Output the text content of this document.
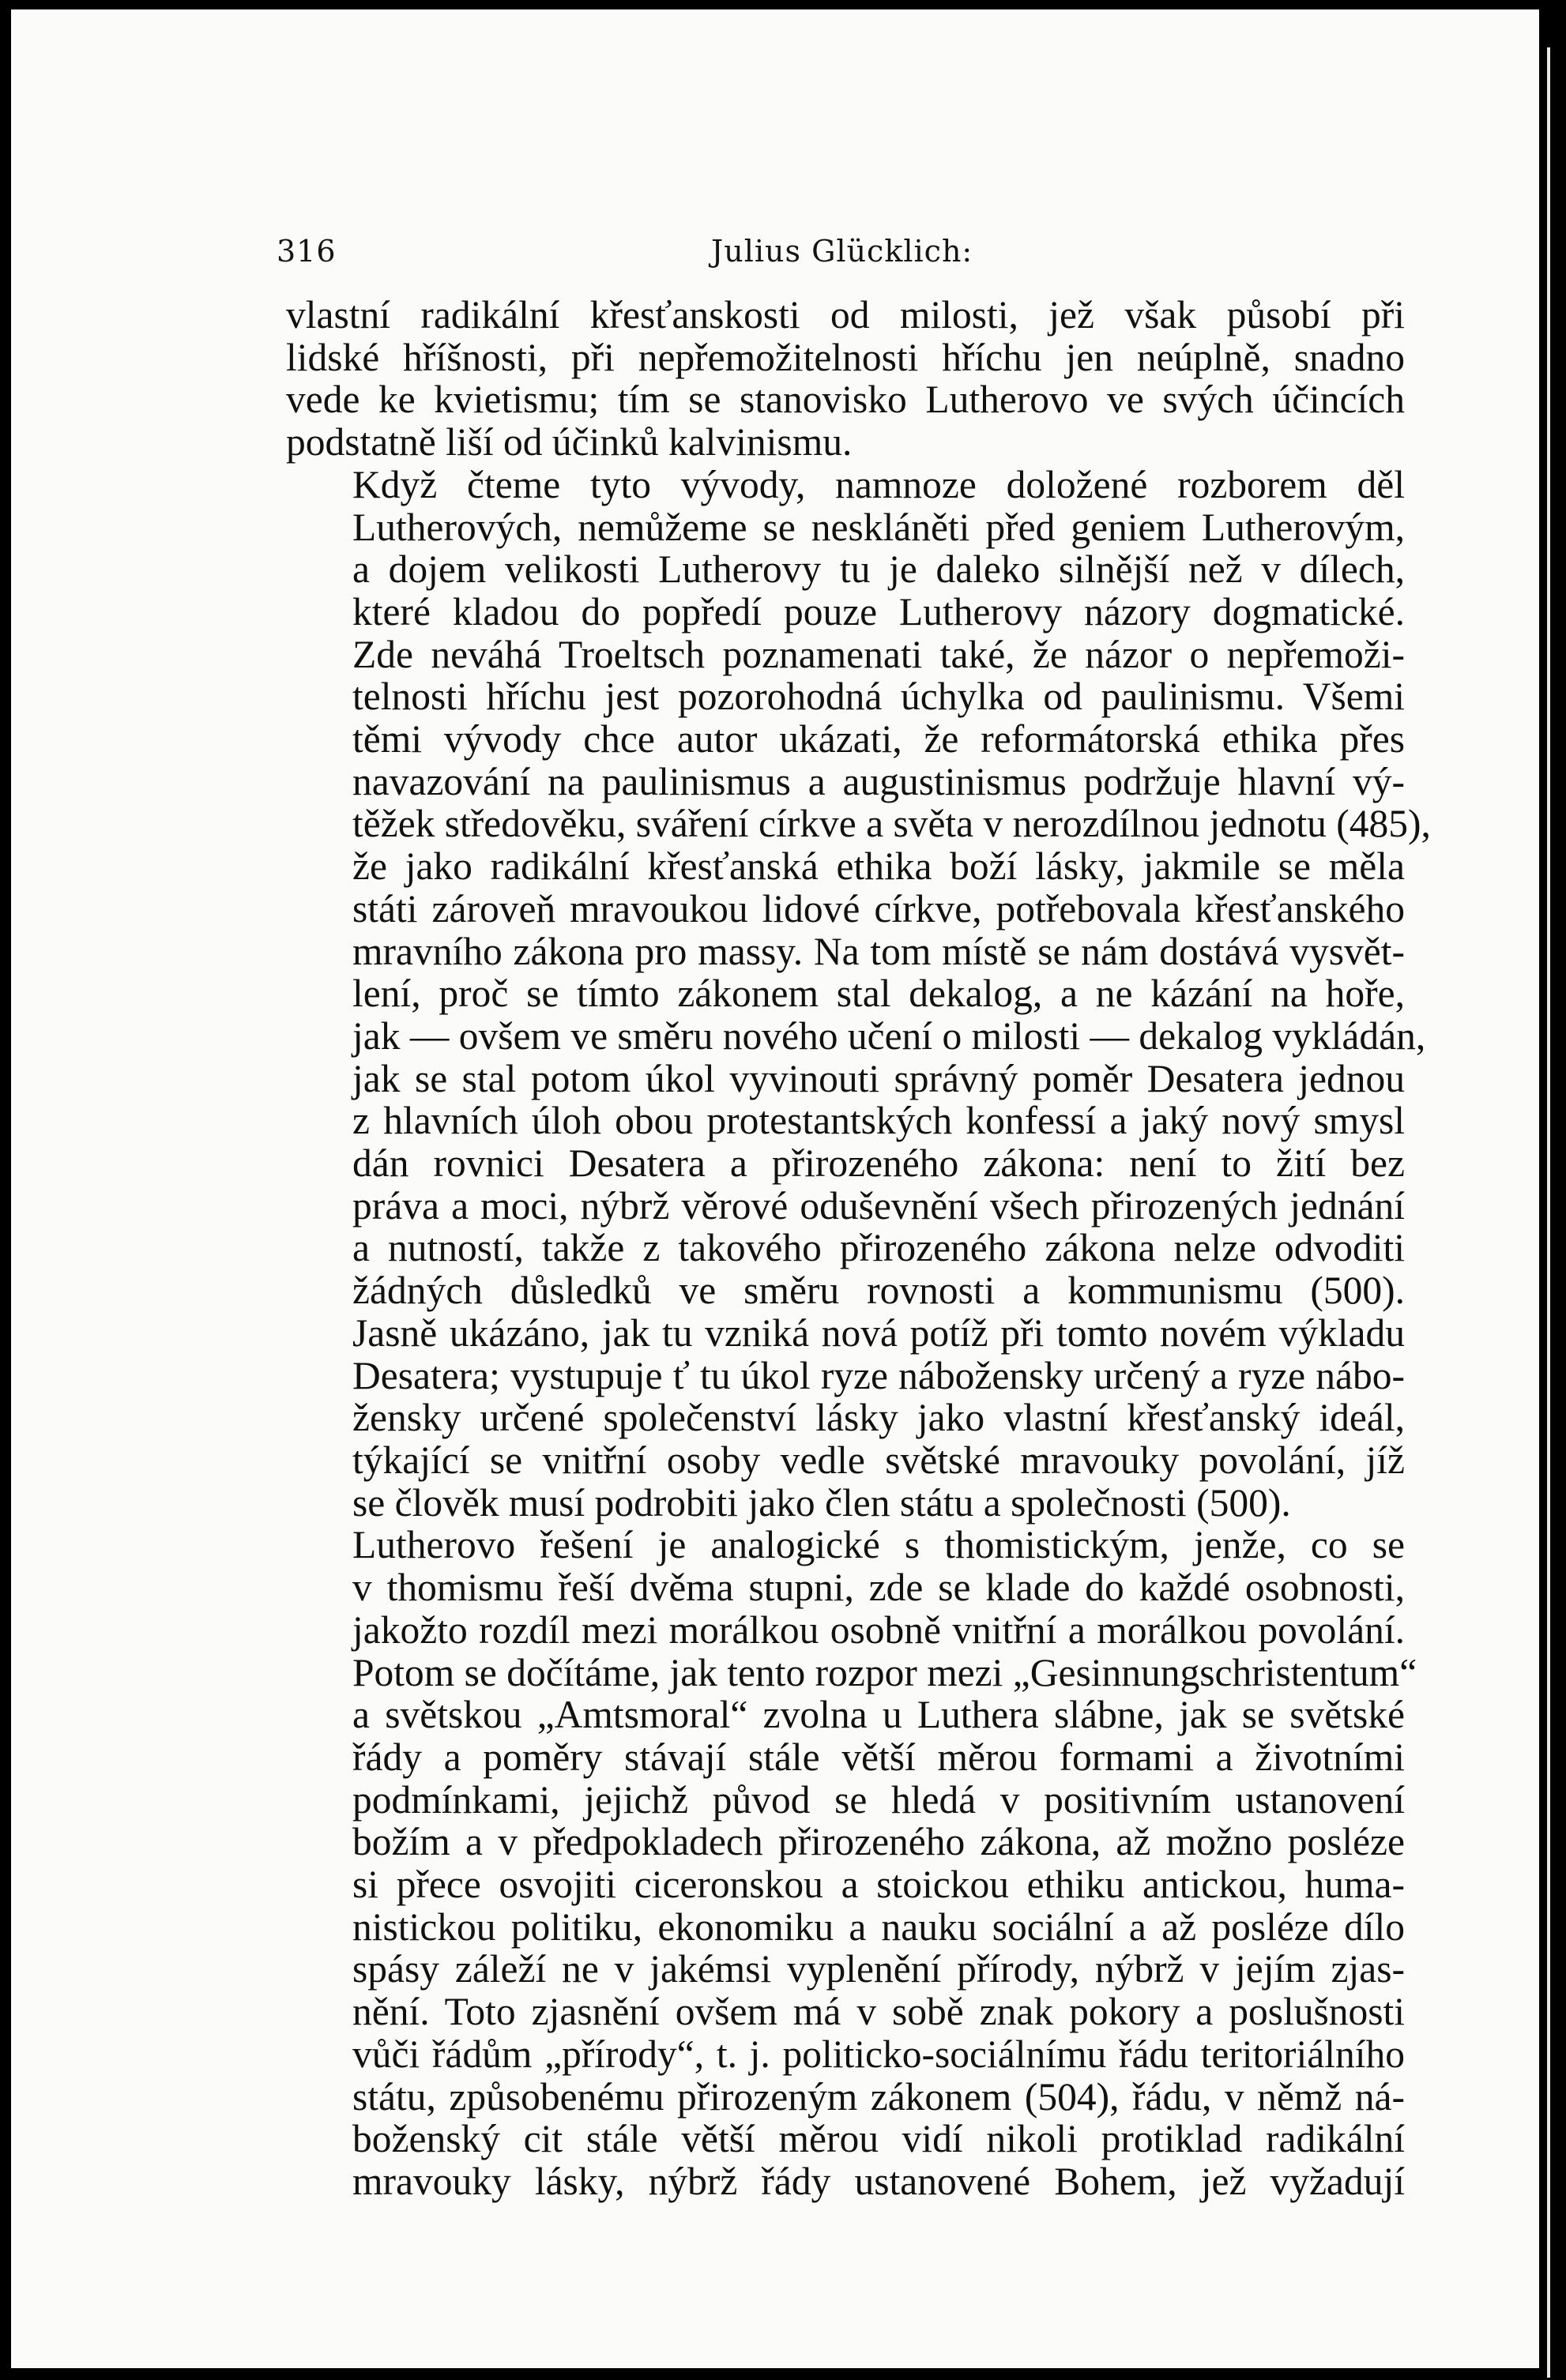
316	Julius Glücklich:

vlastní radikální křesťanskosti od milosti, jež však působí při
lidské hříšnosti, při nepřemožitelnosti hříchu jen neúplně, snadno
vede ke kvietismu; tím se stanovisko Lutherovo ve svých účincích
podstatně liší od účinků kalvinismu.

Když čteme tyto vývody, namnoze doložené rozborem děl
Lutherových, nemůžeme se neskláněti před geniem Lutherovým,
a dojem velikosti Lutherovy tu je daleko silnější než v dílech,
které kladou do popředí pouze Lutherovy názory dogmatické.
Zde neváhá Troeltsch poznamenati také, že názor o nepřemoži-
telnosti hříchu jest pozorohodná úchylka od paulinismu. Všemi
těmi vývody chce autor ukázati, že reformátorská ethika přes
navazování na paulinismus a augustinismus podržuje hlavní vý-
těžek středověku, sváření církve a světa v nerozdílnou jednotu (485),
že jako radikální křesťanská ethika boží lásky, jakmile se měla
státi zároveň mravoukou lidové církve, potřebovala křesťanského
mravního zákona pro massy. Na tom místě se nám dostává vysvět-
lení, proč se tímto zákonem stal dekalog, a ne kázání na hoře,
jak — ovšem ve směru nového učení o milosti — dekalog vykládán,
jak se stal potom úkol vyvinouti správný poměr Desatera jednou
z hlavních úloh obou protestantských konfessí a jaký nový smysl
dán rovnici Desatera a přirozeného zákona: není to žití bez
práva a moci, nýbrž věrové oduševnění všech přirozených jednání
a nutností, takže z takového přirozeného zákona nelze odvoditi
žádných důsledků ve směru rovnosti a kommunismu (500).
Jasně ukázáno, jak tu vzniká nová potíž při tomto novém výkladu
Desatera; vystupuje ť tu úkol ryze nábožensky určený a ryze nábo-
žensky určené společenství lásky jako vlastní křesťanský ideál,
týkající se vnitřní osoby vedle světské mravouky povolání, jíž
se člověk musí podrobiti jako člen státu a společnosti (500).

Lutherovo řešení je analogické s thomistickým, jenže, co se
v thomismu řeší dvěma stupni, zde se klade do každé osobnosti,
jakožto rozdíl mezi morálkou osobně vnitřní a morálkou povolání.
Potom se dočítáme, jak tento rozpor mezi „Gesinnungschristentum“
a světskou „Amtsmoral“ zvolna u Luthera slábne, jak se světské
řády a poměry stávají stále větší měrou formami a životními
podmínkami, jejichž původ se hledá v positivním ustanovení
božím a v předpokladech přirozeného zákona, až možno posléze
si přece osvojiti ciceronskou a stoickou ethiku antickou, huma-
nistickou politiku, ekonomiku a nauku sociální a až posléze dílo
spásy záleží ne v jakémsi vyplenění přírody, nýbrž v jejím zjas-
nění. Toto zjasnění ovšem má v sobě znak pokory a poslušnosti
vůči řádům „přírody“, t. j. politicko-sociálnímu řádu teritoriálního
státu, způsobenému přirozeným zákonem (504), řádu, v němž ná-
boženský cit stále větší měrou vidí nikoli protiklad radikální
mravouky lásky, nýbrž řády ustanovené Bohem, jež vyžadují
